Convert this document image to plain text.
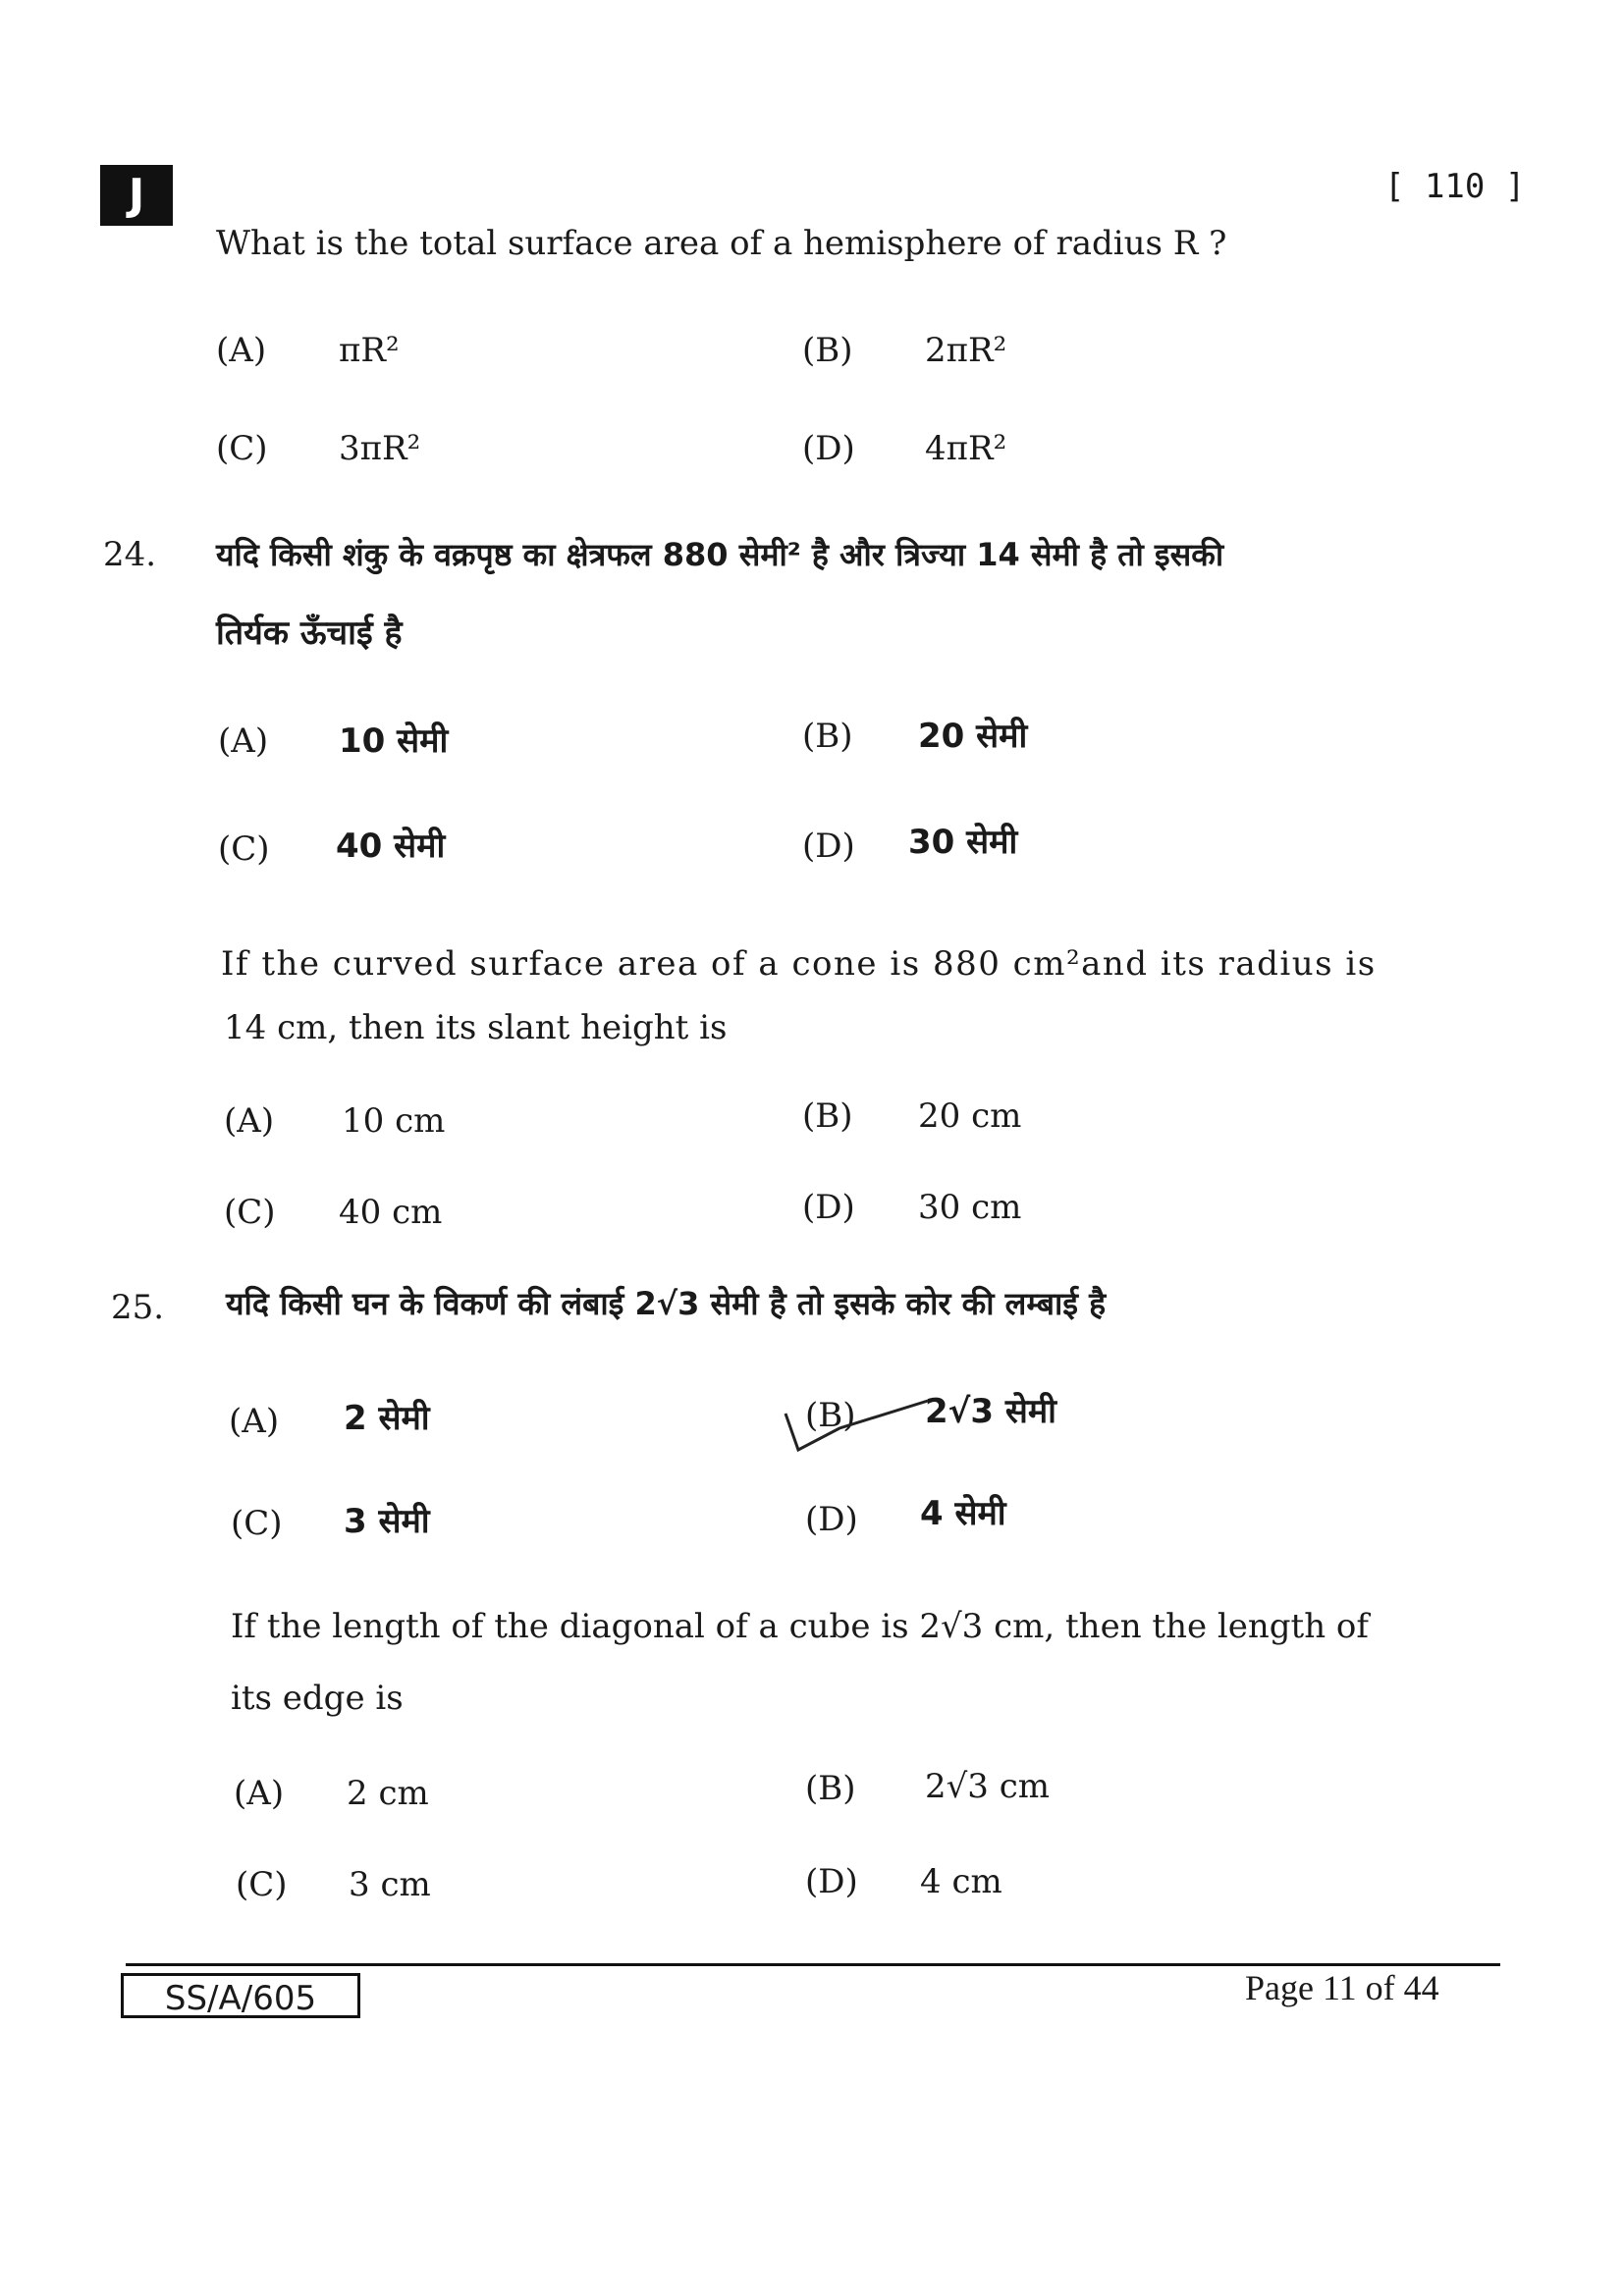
J	[ 110 ]
What is the total surface area of a hemisphere of radius R ?
(A) πR²	(B) 2πR²
(C) 3πR²	(D) 4πR²
24. यदि किसी शंकु के वक्रपृष्ठ का क्षेत्रफल 880 सेमी² है और त्रिज्या 14 सेमी है तो इसकी
तिर्यक ऊँचाई है
(A) 10 सेमी	(B) 20 सेमी
(C) 40 सेमी	(D) 30 सेमी
If the curved surface area of a cone is 880 cm²and its radius is
14 cm, then its slant height is
(A) 10 cm	(B) 20 cm
(C) 40 cm	(D) 30 cm
25. यदि किसी घन के विकर्ण की लंबाई 2√3 सेमी है तो इसके कोर की लम्बाई है
(A) 2 सेमी	(B) 2√3 सेमी
(C) 3 सेमी	(D) 4 सेमी
If the length of the diagonal of a cube is 2√3 cm, then the length of
its edge is
(A) 2 cm	(B) 2√3 cm
(C) 3 cm	(D) 4 cm
SS/A/605	Page 11 of 44
